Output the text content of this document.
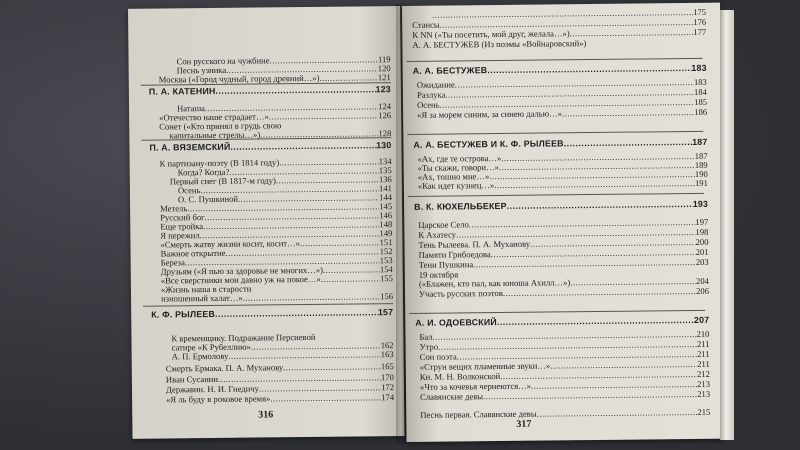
Сон русского на чужбине .....	119
Песнь узника .....	120
Москва («Город чудный, город древний…») .....	121
П. А. КАТЕНИН .....	123
Наташа .....	124
«Отечество наше страдает…» .....	126
Сонет («Кто принял в грудь свою
капитальные стрелы…») .....	128
П. А. ВЯЗЕМСКИЙ .....	130
К партизану-поэту (В 1814 году) .....	134
Когда? Когда? .....	135
Первый снег (В 1817-м году) .....	136
Осень .....	141
О. С. Пушкиной .....	144
Метель .....	145
Русский бог .....	146
Еще тройка .....	148
Я пережил .....	149
«Смерть жатву жизни косит, косит…» .....	151
Важное открытие .....	152
Береза .....	153
Друзьям («Я пью за здоровье не многих…») .....	154
«Все сверстники мои давно уж на покое…» .....	155
«Жизнь наша в старости
изношенный халат…» .....	156
К. Ф. РЫЛЕЕВ .....	157
К временщику. Подражание Персиевой
сатире «К Рубеллию» .....	162
А. П. Ермолову .....	163
Смерть Ермака. П. А. Муханову .....	165
Иван Сусанин .....	170
Державин. Н. И. Гнедичу .....	172
«Я ль буду в роковое время» .....	174
316
.....
175
Стансы .....	176
К NN («Ты посетить, мой друг, желала…») .....	177
А. А. БЕСТУЖЕВ (Из поэмы «Войнаровский»)
А. А. БЕСТУЖЕВ .....	183
Ожидание .....	183
Разлука .....	184
Осень .....	185
«Я за морем синим, за синею далью…» .....	186
А. А. БЕСТУЖЕВ И К. Ф. РЫЛЕЕВ .....	187
«Ах, где те острова…» .....	187
«Ты скажи, говори…» .....	189
«Ах, тошно мне…» .....	190
«Как идет кузнец…» .....	191
В. К. КЮХЕЛЬБЕКЕР .....	193
Царское Село .....	197
К Ахатесу .....	198
Тень Рылеева. П. А. Муханову .....	200
Памяти Грибоедова .....	201
Тени Пушкина .....	203
19 октября
(«Блажен, кто пал, как юноша Ахилл…») .....	204
Участь русских поэтов .....	206
А. И. ОДОЕВСКИЙ .....	207
Бал .....	210
Утро .....	211
Сон поэта .....	211
«Струн вещих пламенные звуки…» .....	211
Кн. М. Н. Волконской .....	212
«Что за кочевья чернеются…» .....	213
Славянские девы .....	213
Песнь первая. Славянские девы .....	215
317
